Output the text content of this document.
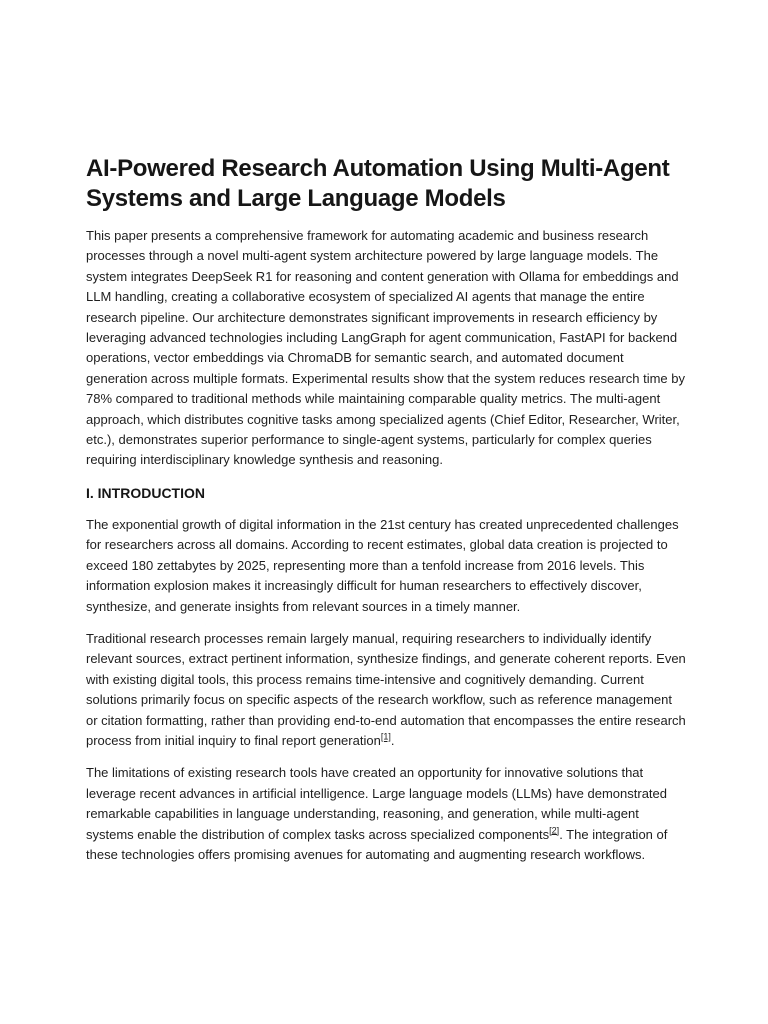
AI-Powered Research Automation Using Multi-Agent Systems and Large Language Models

This paper presents a comprehensive framework for automating academic and business research processes through a novel multi-agent system architecture powered by large language models. The system integrates DeepSeek R1 for reasoning and content generation with Ollama for embeddings and LLM handling, creating a collaborative ecosystem of specialized AI agents that manage the entire research pipeline. Our architecture demonstrates significant improvements in research efficiency by leveraging advanced technologies including LangGraph for agent communication, FastAPI for backend operations, vector embeddings via ChromaDB for semantic search, and automated document generation across multiple formats. Experimental results show that the system reduces research time by 78% compared to traditional methods while maintaining comparable quality metrics. The multi-agent approach, which distributes cognitive tasks among specialized agents (Chief Editor, Researcher, Writer, etc.), demonstrates superior performance to single-agent systems, particularly for complex queries requiring interdisciplinary knowledge synthesis and reasoning.

I. INTRODUCTION

The exponential growth of digital information in the 21st century has created unprecedented challenges for researchers across all domains. According to recent estimates, global data creation is projected to exceed 180 zettabytes by 2025, representing more than a tenfold increase from 2016 levels. This information explosion makes it increasingly difficult for human researchers to effectively discover, synthesize, and generate insights from relevant sources in a timely manner.

Traditional research processes remain largely manual, requiring researchers to individually identify relevant sources, extract pertinent information, synthesize findings, and generate coherent reports. Even with existing digital tools, this process remains time-intensive and cognitively demanding. Current solutions primarily focus on specific aspects of the research workflow, such as reference management or citation formatting, rather than providing end-to-end automation that encompasses the entire research process from initial inquiry to final report generation[1].

The limitations of existing research tools have created an opportunity for innovative solutions that leverage recent advances in artificial intelligence. Large language models (LLMs) have demonstrated remarkable capabilities in language understanding, reasoning, and generation, while multi-agent systems enable the distribution of complex tasks across specialized components[2]. The integration of these technologies offers promising avenues for automating and augmenting research workflows.
